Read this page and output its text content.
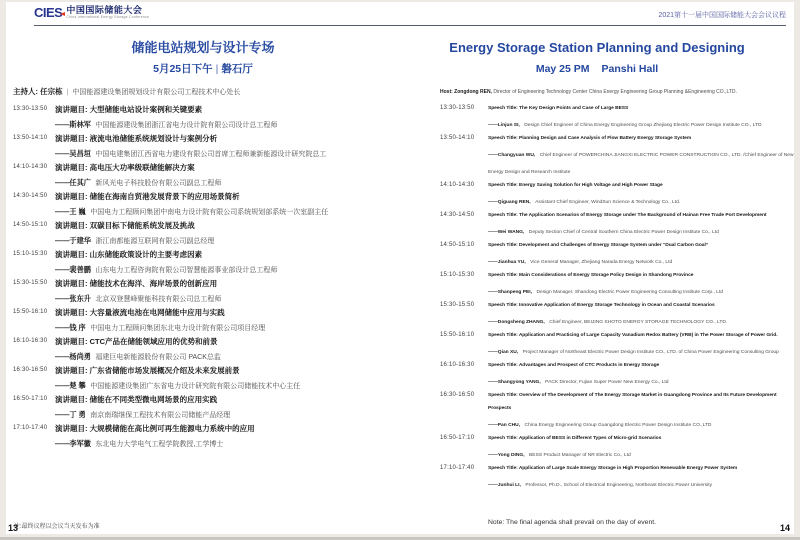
CIES 中国国际储能大会
China International Energy Storage Conference	2021第十一届中国国际储能大会会议议程
储能电站规划与设计专场
5月25日下午 | 磐石厅
主持人: 任宗栋 | 中国能源建设集团规划设计有限公司工程技术中心处长
13:30-13:50	演讲题目: 大型储能电站设计案例和关键要素
——斯林军 中国能源建设集团浙江省电力设计院有限公司设计总工程师
13:50-14:10	演讲题目: 液流电池储能系统规划设计与案例分析
——吴昌垣 中国电建集团江西省电力建设有限公司首席工程师兼新能源设计研究院总工
14:10-14:30	演讲题目: 高电压大功率级联储能解决方案
——任其广 新风光电子科技股份有限公司副总工程师
14:30-14:50	演讲题目: 储能在海南自贸港发展背景下的应用场景简析
——王 巍 中国电力工程顾问集团中南电力设计院有限公司系统规划部系统一次室副主任
14:50-15:10	演讲题目: 双碳目标下储能系统发展及挑战
——于建华 浙江南都能源互联网有限公司副总经理
15:10-15:30	演讲题目: 山东储能政策设计的主要考虑因素
——裴善鹏 山东电力工程咨询院有限公司智慧能源事业部设计总工程师
15:30-15:50	演讲题目: 储能技术在海洋、海岸场景的创新应用
——张东升 北京双登慧峰聚能科技有限公司总工程师
15:50-16:10	演讲题目: 大容量液流电池在电网储能中应用与实践
——钱 序 中国电力工程顾问集团东北电力设计院有限公司项目经理
16:10-16:30	演讲题目: CTC产品在储能领域应用的优势和前景
——杨尚勇 福建巨电新能源股份有限公司 PACK总监
16:30-16:50	演讲题目: 广东省储能市场发展概况介绍及未来发展前景
——楚 攀 中国能源建设集团广东省电力设计研究院有限公司储能技术中心主任
16:50-17:10	演讲题目: 储能在不同类型微电网场景的应用实践
——丁 勇 南京南瑞继保工程技术有限公司储能产品经理
17:10-17:40	演讲题目: 大规模储能在高比例可再生能源电力系统中的应用
——李军徽 东北电力大学电气工程学院教授,工学博士
Energy Storage Station Planning and Designing
May 25 PM Panshi Hall
Host: Zongdong REN, Director of Engineering Technology Center China Energy Engineering Group Planning &Engineering CO.,LTD.
13:30-13:50	Speech Title: The Key Design Points and Case of Large BESS
——Linjun SI, Design Chief Engineer of China Energy Engineering Group Zhejiang Electric Power Design Institute CO., LTD
13:50-14:10	Speech Title: Planning Design and Case Analysis of Flow Battery Energy Storage System
——Changyuan WU, Chief Engineer of POWERCHINA JIANGXI ELECTRIC POWER CONSTRUCTION CO., LTD. /Chief Engineer of New Energy Design and Research Institute
14:10-14:30	Speech Title: Energy Saving Solution for High Voltage and High Power Stage
——Qiguang REN, Assistant Chief Engineer, WindSun Science & Technology Co., Ltd.
14:30-14:50	Speech Title: The Application Scenarios of Energy Storage under The Background of Hainan Free Trade Port Development
——Wei WANG, Deputy Section Chief of Central Southern China Electric Power Design Institute Co., Ltd
14:50-15:10	Speech Title: Development and Challenges of Energy Storage System under “Dual Carbon Goal”
——Jianhua YU, Vice General Manager, Zhejiang Narada Energy Network Co., Ltd
15:10-15:30	Speech Title: Main Considerations of Energy Storage Policy Design in Shandong Province
——Shanpeng PEI, Design Manager, Shandong Electric Power Engineering Consulting Institute Corp., Ltd
15:30-15:50	Speech Title: Innovative Application of Energy Storage Technology in Ocean and Coastal Scenarios
——Dongsheng ZHANG, Chief Engineer, BEIJING SHOTO ENERGY STORAGE TECHNOLOGY CO., LTD.
15:50-16:10	Speech Title: Application and Practicing of Large Capacity Vanadium Redox Battery (VRB) in The Power Storage of Power Grid.
——Qian XU, Project Manager of Northeast Electric Power Design Institute CO., LTD. of China Power Engineering Consulting Group
16:10-16:30	Speech Title: Advantages and Prospect of CTC Products in Energy Storage
——Shangyong YANG, PACK Director, Fujian Super Power New Energy Co., Ltd
16:30-16:50	Speech Title: Overview of The Development of The Energy Storage Market in Guangdong Province and Its Future Development Prospects
——Pan CHU, China Energy Engineering Group Guangdong Electric Power Design Institute CO.,LTD
16:50-17:10	Speech Title: Application of BESS in Different Types of Micro-grid Scenarios
——Yong DING, BESS Product Manager of NR Electric Co., Ltd
17:10-17:40	Speech Title: Application of Large Scale Energy Storage in High Proportion Renewable Energy Power System
——Junhui LI, Professor, Ph.D., School of Electrical Engineering, Northeast Electric Power University
注:最终议程以会议当天发布为准
Note: The final agenda shall prevail on the day of event.
13	14
